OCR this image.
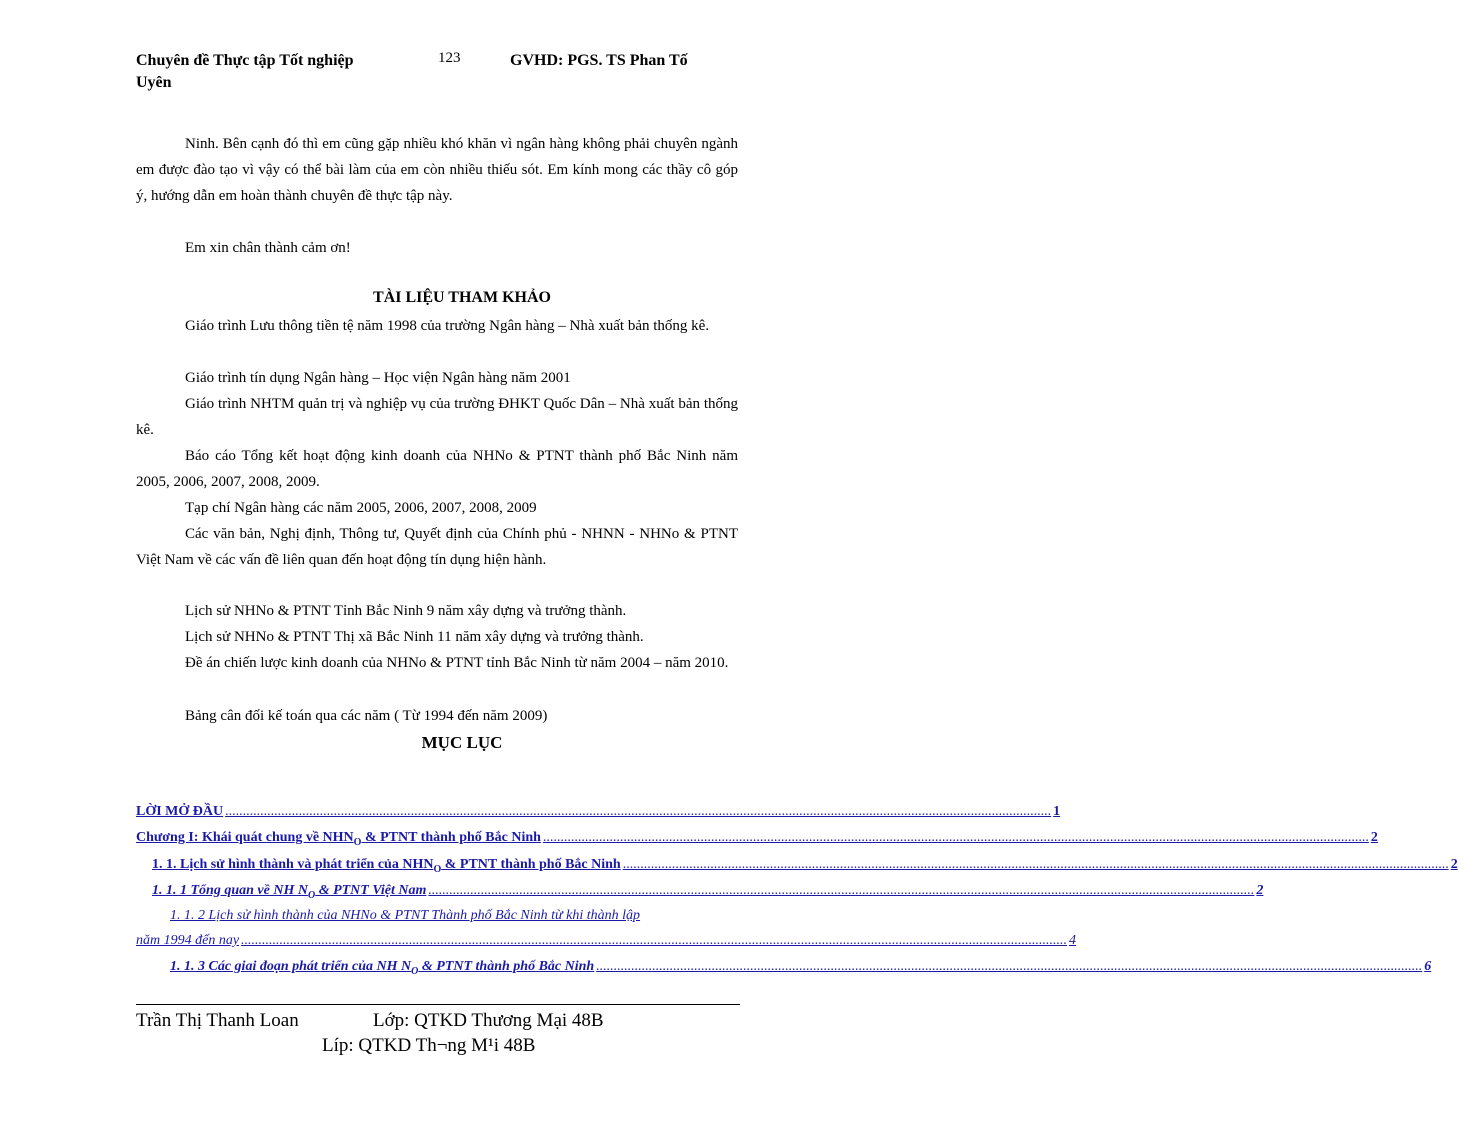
Chuyên đề Thực tập Tốt nghiệp
Uyên
123	GVHD: PGS. TS Phan Tố
Ninh. Bên cạnh đó thì em cũng gặp nhiều khó khăn vì ngân hàng không phải chuyên ngành em được đào tạo vì vậy có thể bài làm của em còn nhiều thiếu sót. Em kính mong các thầy cô góp ý, hướng dẫn em hoàn thành chuyên đề thực tập này.
Em xin chân thành cảm ơn!
TÀI LIỆU THAM KHẢO
Giáo trình Lưu thông tiền tệ năm 1998 của trường Ngân hàng – Nhà xuất bản thống kê.
Giáo trình tín dụng Ngân hàng – Học viện Ngân hàng năm 2001
Giáo trình NHTM quản trị và nghiệp vụ của trường ĐHKT Quốc Dân – Nhà xuất bản thống kê.
Báo cáo Tổng kết hoạt động kinh doanh của NHNo & PTNT thành phố Bắc Ninh năm 2005, 2006, 2007, 2008, 2009.
Tạp chí Ngân hàng các năm 2005, 2006, 2007, 2008, 2009
Các văn bản, Nghị định, Thông tư, Quyết định của Chính phủ - NHNN - NHNo & PTNT Việt Nam về các vấn đề liên quan đến hoạt động tín dụng hiện hành.
Lịch sử NHNo & PTNT Tỉnh Bắc Ninh 9 năm xây dựng và trưởng thành.
Lịch sử NHNo & PTNT Thị xã Bắc Ninh 11 năm xây dựng và trưởng thành.
Đề án chiến lược kinh doanh của NHNo & PTNT tỉnh Bắc Ninh từ năm 2004 – năm 2010.
Bảng cân đối kế toán qua các năm ( Từ 1994 đến năm 2009)
MỤC LỤC
LỜI MỞ ĐẦU ............................................................................................................................................................................................................................................ 1
Chương I: Khái quát chung về $NHN_O$ & PTNT thành phố Bắc Ninh ............................................................................................................................................................................................................................................ 2
1. 1. Lịch sử hình thành và phát triển của $NHN_O$ & PTNT thành phố Bắc Ninh ............................................................................................................................................................................................................................................ 2
1. 1. 1 Tổng quan về NH $N_O$ & PTNT Việt Nam ............................................................................................................................................................................................................................................ 2
1. 1. 2 Lịch sử hình thành của NHNo & PTNT Thành phố Bắc Ninh từ khi thành lập
năm 1994 đến nay ............................................................................................................................................................................................................................................ 4
1. 1. 3 Các giai đoạn phát triển của NH $N_O$ & PTNT thành phố Bắc Ninh ............................................................................................................................................................................................................................................ 6
Trần Thị Thanh Loan	Lớp: QTKD Thương Mại 48B
Líp: QTKD Th¬ng M¹i 48B
